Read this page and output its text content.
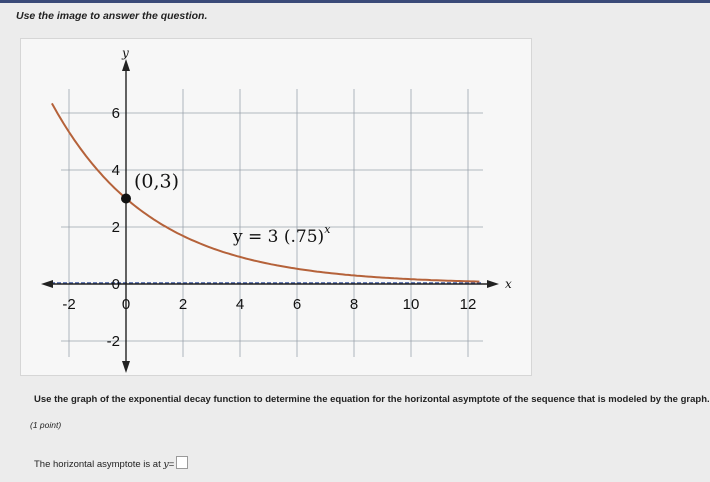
Use the image to answer the question.
-2	0	2	4	6	8	10	12
6
4
2
0
-2
(0,3)
y
x
y = 3 $(.75)^x$
Use the graph of the exponential decay function to determine the equation for the horizontal asymptote of the sequence that is modeled by the graph.
(1 point)
The horizontal asymptote is at y=
